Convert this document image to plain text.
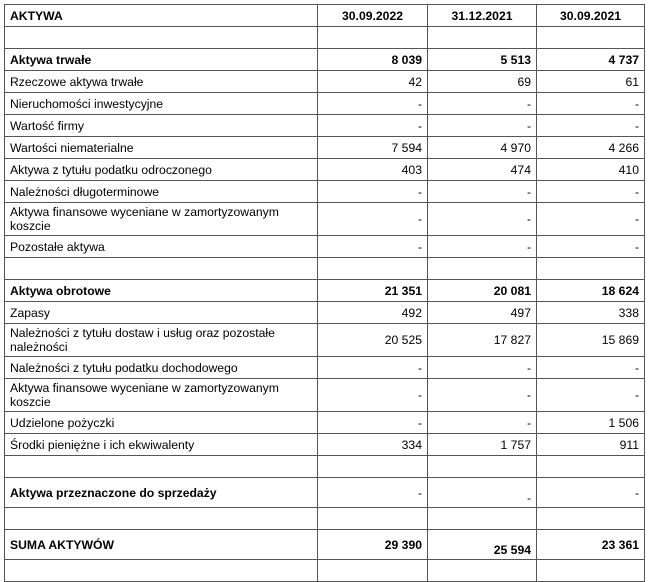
AKTYWA	30.09.2022	31.12.2021	30.09.2021

Aktywa trwałe	8 039	5 513	4 737
Rzeczowe aktywa trwałe	42	69	61
Nieruchomości inwestycyjne	-	-	-
Wartość firmy	-	-	-
Wartości niematerialne	7 594	4 970	4 266
Aktywa z tytułu podatku odroczonego	403	474	410
Należności długoterminowe	-	-	-
Aktywa finansowe wyceniane w zamortyzowanym koszcie	-	-	-
Pozostałe aktywa	-	-	-

Aktywa obrotowe	21 351	20 081	18 624
Zapasy	492	497	338
Należności z tytułu dostaw i usług oraz pozostałe należności	20 525	17 827	15 869
Należności z tytułu podatku dochodowego	-	-	-
Aktywa finansowe wyceniane w zamortyzowanym koszcie	-	-	-
Udzielone pożyczki	-	-	1 506
Środki pieniężne i ich ekwiwalenty	334	1 757	911

Aktywa przeznaczone do sprzedaży	-	-	-

SUMA AKTYWÓW	29 390	25 594	23 361
